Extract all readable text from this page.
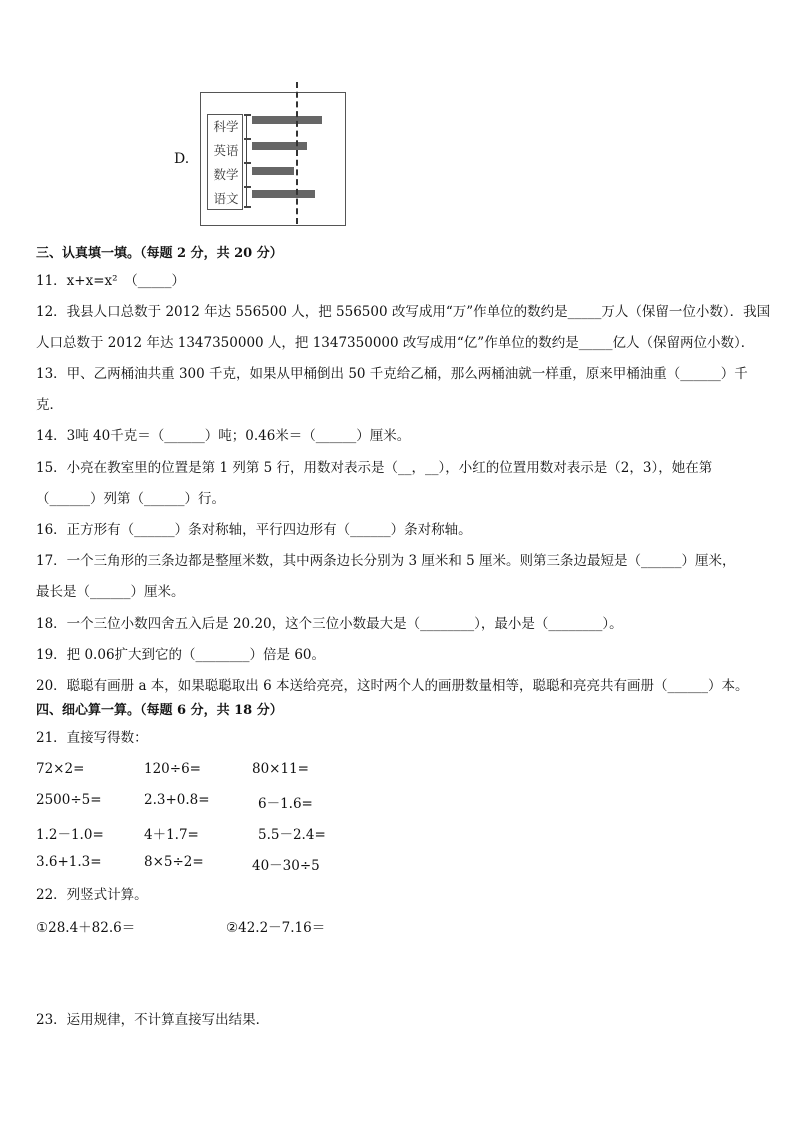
D.
科学
英语
数学
语文
三、认真填一填。（每题 2 分，共 20 分）
11．x+x=x²　（_____）
12．我县人口总数于 2012 年达 556500 人，把 556500 改写成用“万”作单位的数约是_____万人（保留一位小数）．我国
人口总数于 2012 年达 1347350000 人，把 1347350000 改写成用“亿”作单位的数约是_____亿人（保留两位小数）．
13．甲、乙两桶油共重 300 千克，如果从甲桶倒出 50 千克给乙桶，那么两桶油就一样重，原来甲桶油重（______）千
克．
14．3吨 40千克＝（______）吨；0.46米＝（______）厘米。
15．小亮在教室里的位置是第 1 列第 5 行，用数对表示是（__，__），小红的位置用数对表示是（2，3），她在第
（______）列第（______）行。
16．正方形有（______）条对称轴，平行四边形有（______）条对称轴。
17．一个三角形的三条边都是整厘米数，其中两条边长分别为 3 厘米和 5 厘米。则第三条边最短是（______）厘米，
最长是（______）厘米。
18．一个三位小数四舍五入后是 20.20，这个三位小数最大是（________），最小是（________）。
19．把 0.06扩大到它的（________）倍是 60。
20．聪聪有画册 a 本，如果聪聪取出 6 本送给亮亮，这时两个人的画册数量相等，聪聪和亮亮共有画册（______）本。
四、细心算一算。（每题 6 分，共 18 分）
21．直接写得数：
72×2=	120÷6=	80×11=
2500÷5=	2.3+0.8=	6－1.6=
1.2－1.0=	4＋1.7=	5.5－2.4=
3.6+1.3=	8×5÷2=	40－30÷5
22．列竖式计算。
①28.4＋82.6＝	②42.2－7.16＝
23．运用规律，不计算直接写出结果．
